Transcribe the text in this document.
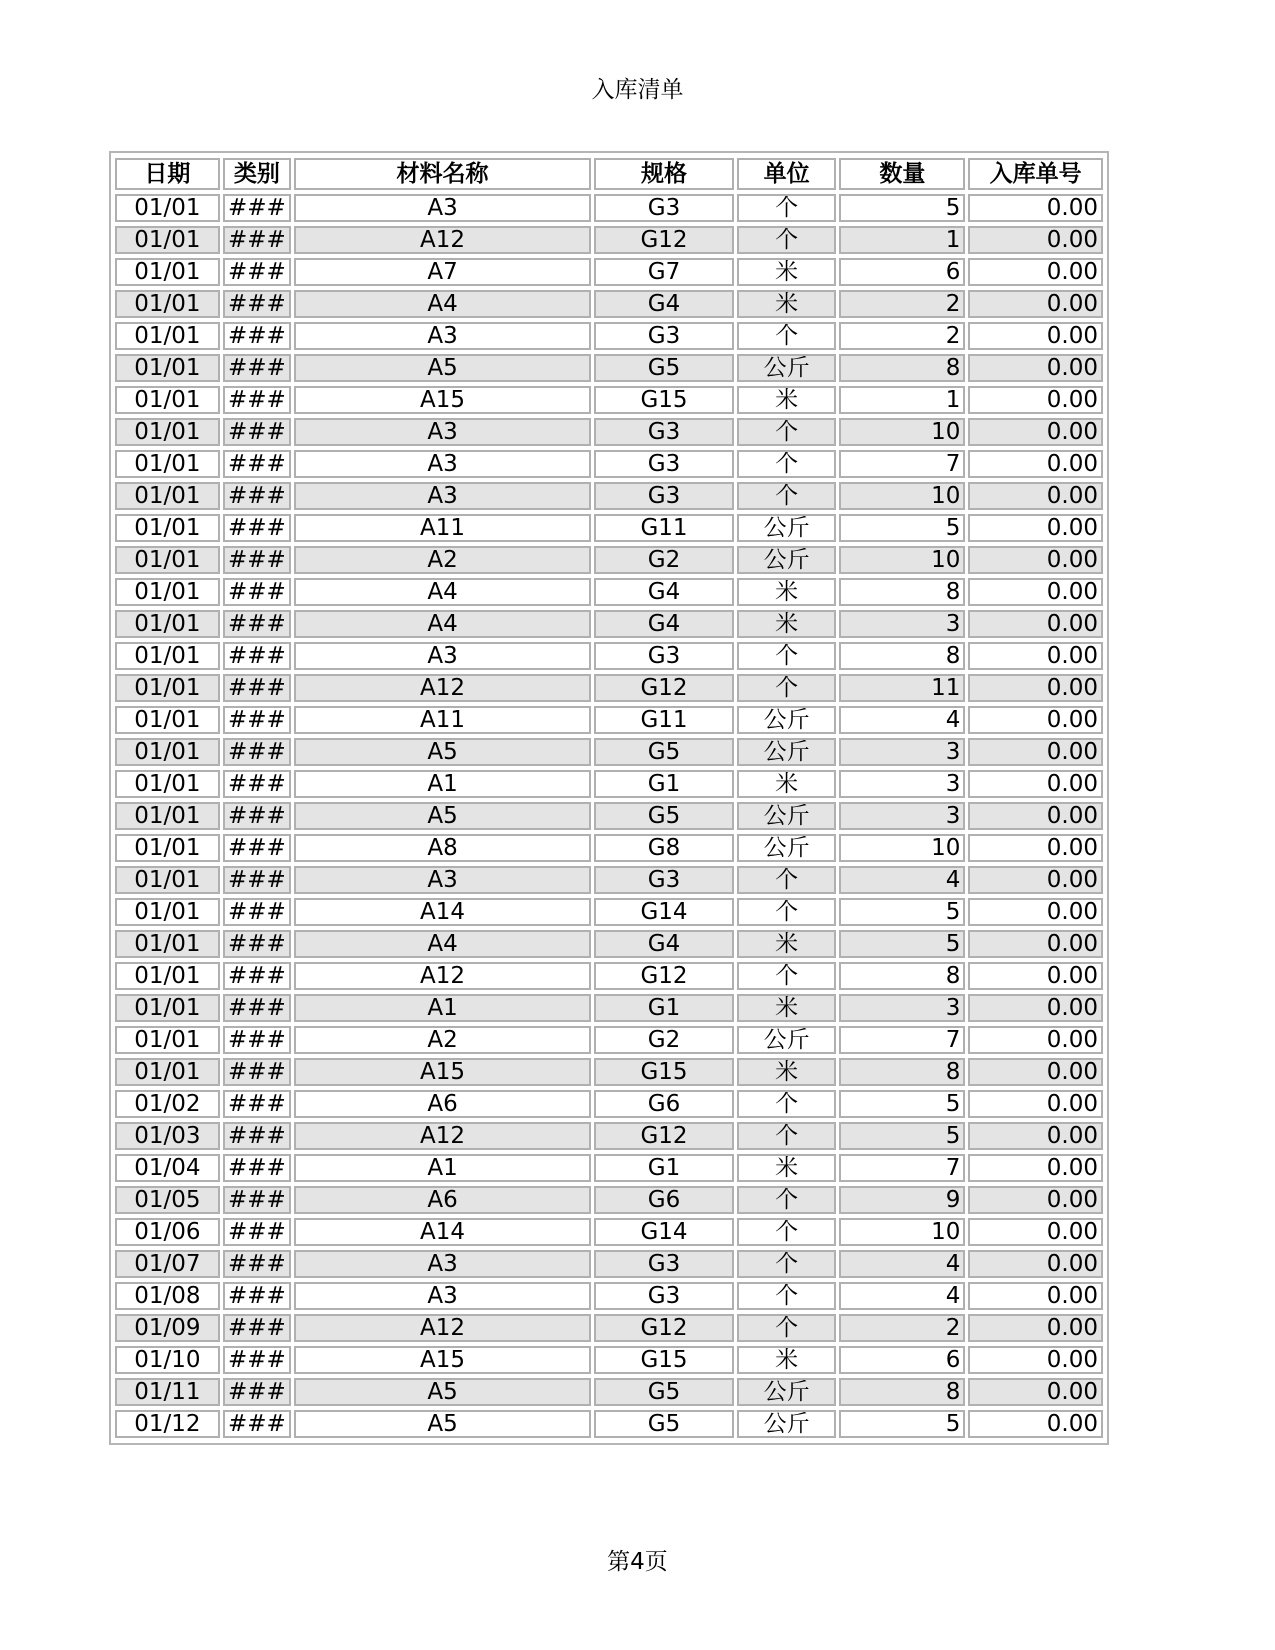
入库清单
日期	类别	材料名称	规格	单位	数量	入库单号
01/01	###	A3	G3	个	5	0.00
01/01	###	A12	G12	个	1	0.00
01/01	###	A7	G7	米	6	0.00
01/01	###	A4	G4	米	2	0.00
01/01	###	A3	G3	个	2	0.00
01/01	###	A5	G5	公斤	8	0.00
01/01	###	A15	G15	米	1	0.00
01/01	###	A3	G3	个	10	0.00
01/01	###	A3	G3	个	7	0.00
01/01	###	A3	G3	个	10	0.00
01/01	###	A11	G11	公斤	5	0.00
01/01	###	A2	G2	公斤	10	0.00
01/01	###	A4	G4	米	8	0.00
01/01	###	A4	G4	米	3	0.00
01/01	###	A3	G3	个	8	0.00
01/01	###	A12	G12	个	11	0.00
01/01	###	A11	G11	公斤	4	0.00
01/01	###	A5	G5	公斤	3	0.00
01/01	###	A1	G1	米	3	0.00
01/01	###	A5	G5	公斤	3	0.00
01/01	###	A8	G8	公斤	10	0.00
01/01	###	A3	G3	个	4	0.00
01/01	###	A14	G14	个	5	0.00
01/01	###	A4	G4	米	5	0.00
01/01	###	A12	G12	个	8	0.00
01/01	###	A1	G1	米	3	0.00
01/01	###	A2	G2	公斤	7	0.00
01/01	###	A15	G15	米	8	0.00
01/02	###	A6	G6	个	5	0.00
01/03	###	A12	G12	个	5	0.00
01/04	###	A1	G1	米	7	0.00
01/05	###	A6	G6	个	9	0.00
01/06	###	A14	G14	个	10	0.00
01/07	###	A3	G3	个	4	0.00
01/08	###	A3	G3	个	4	0.00
01/09	###	A12	G12	个	2	0.00
01/10	###	A15	G15	米	6	0.00
01/11	###	A5	G5	公斤	8	0.00
01/12	###	A5	G5	公斤	5	0.00
第4页
